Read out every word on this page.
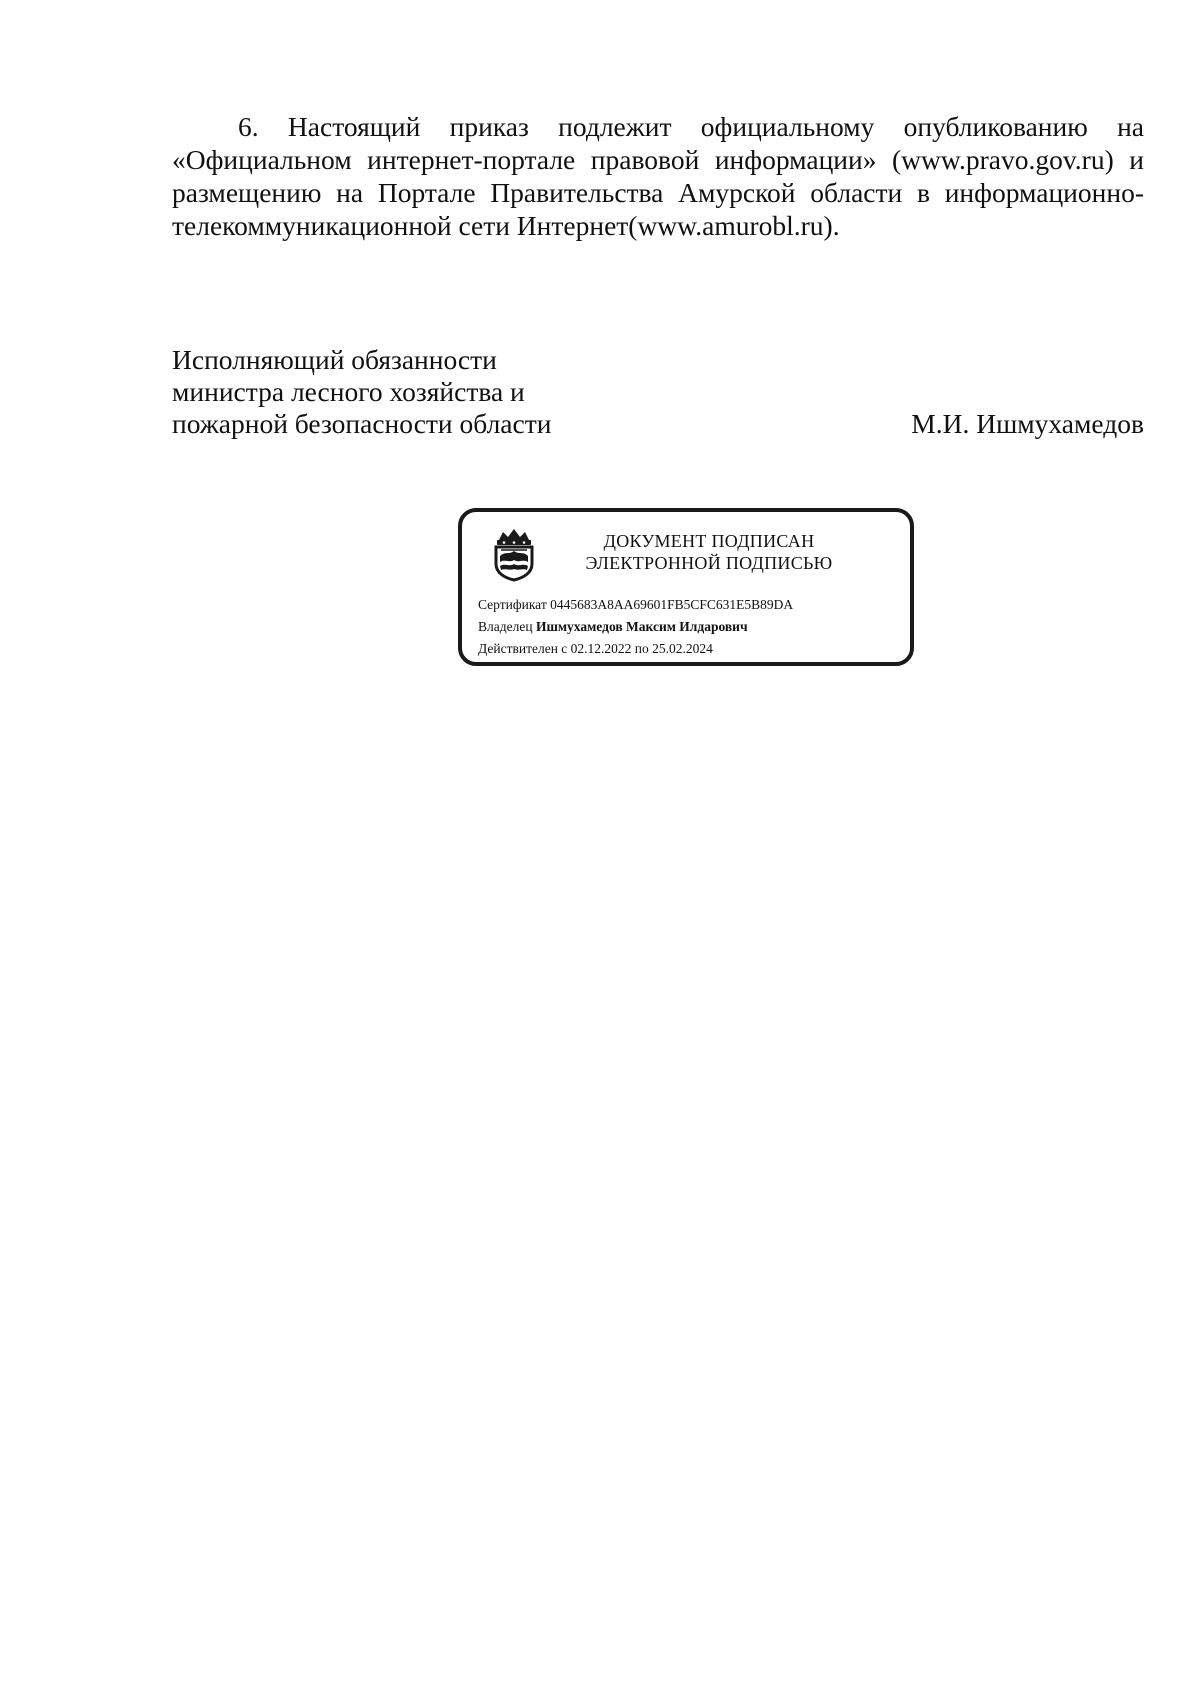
6. Настоящий приказ подлежит официальному опубликованию на
«Официальном интернет-портале правовой информации» (www.pravo.gov.ru) и
размещению на Портале Правительства Амурской области в информационно-
телекоммуникационной сети Интернет(www.amurobl.ru).
Исполняющий обязанности
министра лесного хозяйства и
пожарной безопасности области	М.И. Ишмухамедов
ДОКУМЕНТ ПОДПИСАН
ЭЛЕКТРОННОЙ ПОДПИСЬЮ
Сертификат 0445683A8AA69601FB5CFC631E5B89DA
Владелец Ишмухамедов Максим Илдарович
Действителен с 02.12.2022 по 25.02.2024
